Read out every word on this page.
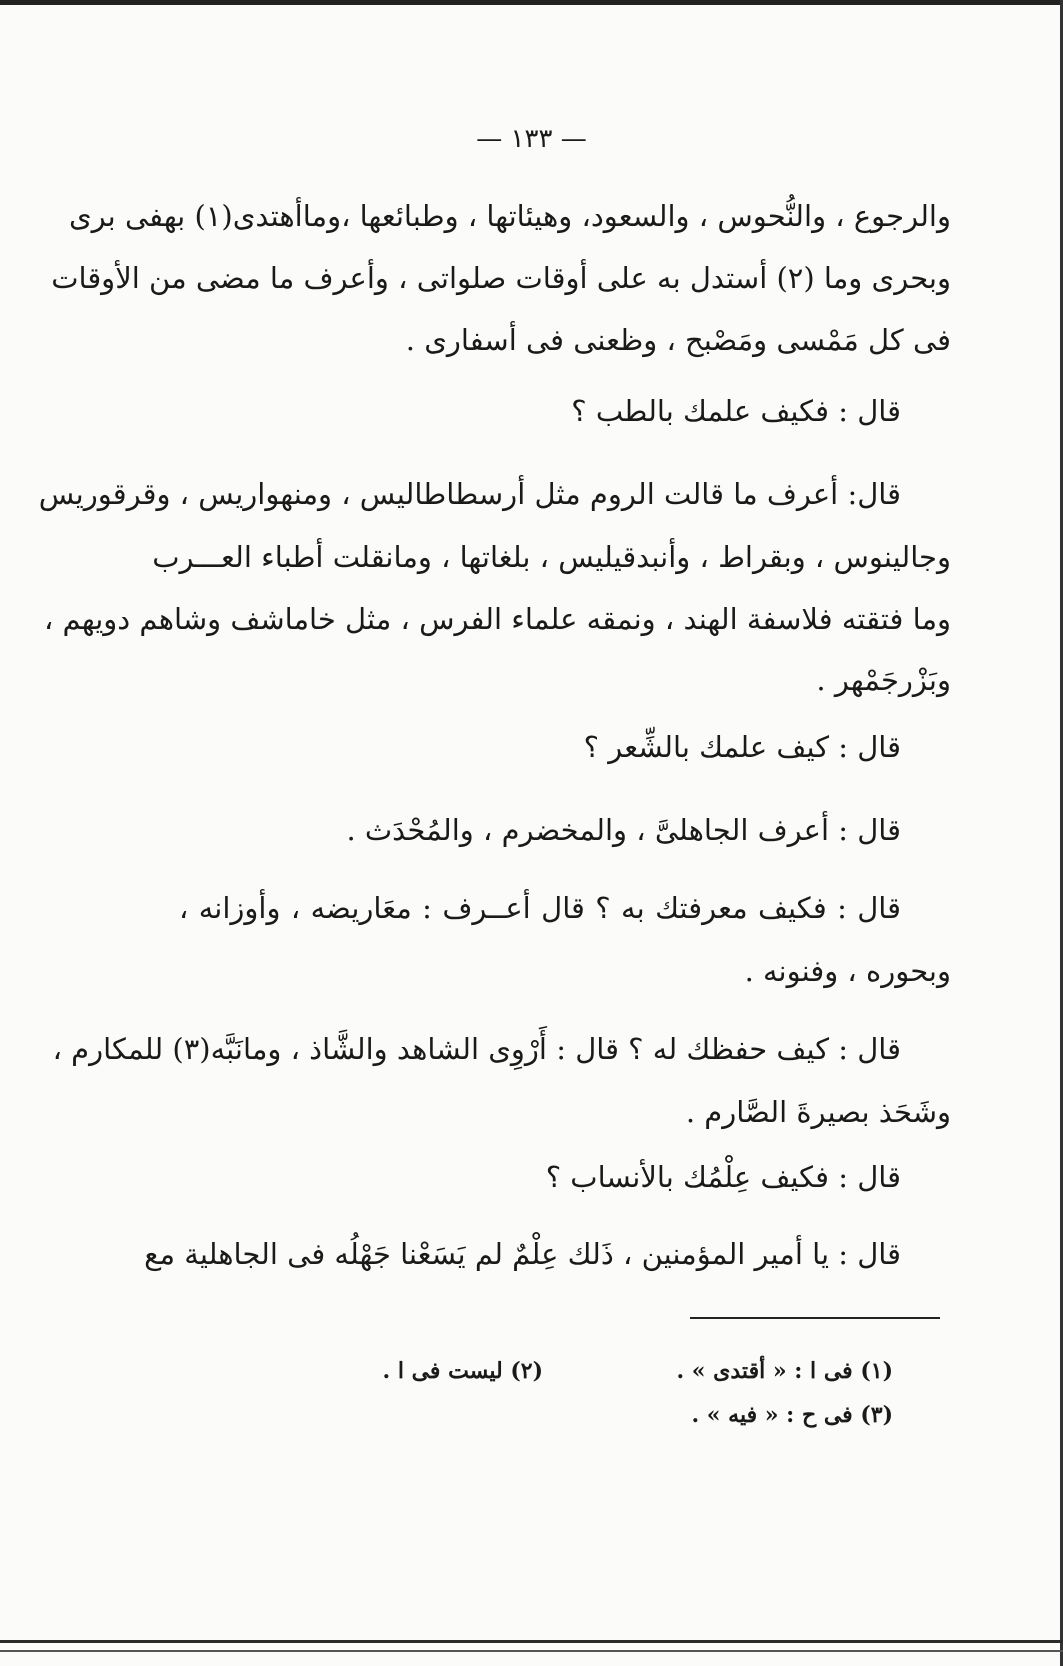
— ١٣٣ —
والرجوع ، والنُّحوس ، والسعود، وهيئاتها ، وطبائعها ،وماأهتدى(١) بهفى برى
وبحرى وما (٢) أستدل به على أوقات صلواتى ، وأعرف ما مضى من الأوقات
فى كل مَمْسى ومَصْبح ، وظعنى فى أسفارى .
قال : فكيف علمك بالطب ؟
قال: أعرف ما قالت الروم مثل أرسطاطاليس ، ومنهواريس ، وقرقوريس
وجالينوس ، وبقراط ، وأنبدقيليس ، بلغاتها ، ومانقلت أطباء العـــرب
وما فتقته فلاسفة الهند ، ونمقه علماء الفرس ، مثل خاماشف وشاهم دويهم ،
وبَزْرجَمْهر .
قال : كيف علمك بالشِّعر ؟
قال : أعرف الجاهلىَّ ، والمخضرم ، والمُحْدَث .
قال : فكيف معرفتك به ؟ قال أعــرف : معَاريضه ، وأوزانه ،
وبحوره ، وفنونه .
قال : كيف حفظك له ؟ قال : أَرْوِى الشاهد والشَّاذ ، ومانَبَّه(٣) للمكارم ،
وشَحَذ بصيرةَ الصَّارم .
قال : فكيف عِلْمُك بالأنساب ؟
قال : يا أمير المؤمنين ، ذَلك عِلْمٌ لم يَسَعْنا جَهْلُه فى الجاهلية مع
(١) فى ا : « أقتدى » .
(٢) ليست فى ا .
(٣) فى ح : « فيه » .
